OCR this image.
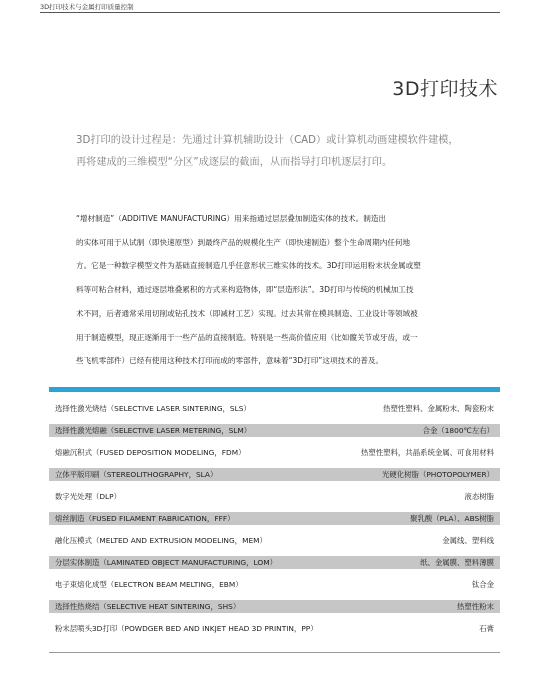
3D打印技术与金属打印质量控制
3D打印技术

3D打印的设计过程是：先通过计算机辅助设计（CAD）或计算机动画建模软件建模，

再将建成的三维模型“分区”成逐层的截面，从而指导打印机逐层打印。

“增材制造”（ADDITIVE MANUFACTURING）用来指通过层层叠加制造实体的技术。制造出

的实体可用于从试制（即快速原型）到最终产品的规模化生产（即快速制造）整个生命周期内任何地

方。它是一种数字模型文件为基础直接制造几乎任意形状三维实体的技术。3D打印运用粉末状金属或塑

料等可粘合材料，通过逐层堆叠累积的方式来构造物体，即“层造形法”。3D打印与传统的机械加工技

术不同，后者通常采用切削或钻孔技术（即减材工艺）实现。过去其常在模具制造、工业设计等领域被

用于制造模型，现正逐渐用于一些产品的直接制造。特别是一些高价值应用（比如髋关节或牙齿，或一

些飞机零部件）已经有使用这种技术打印而成的零部件，意味着“3D打印”这项技术的普及。

选择性激光烧结（SELECTIVE LASER SINTERING，SLS）	热塑性塑料、金属粉末、陶瓷粉末
选择性激光熔融（SELECTIVE LASER METERING，SLM）	合金（1800℃左右）
熔融沉积式（FUSED DEPOSITION MODELING，FDM）	热塑性塑料，共晶系统金属、可食用材料
立体平版印刷（STEREOLITHOGRAPHY，SLA）	光硬化树脂（PHOTOPOLYMER）
数字光处理（DLP）	液态树脂
熔丝制造（FUSED FILAMENT FABRICATION，FFF）	聚乳酸（PLA）、ABS树脂
融化压模式（MELTED AND EXTRUSION MODELING，MEM）	金属线、塑料线
分层实体制造（LAMINATED OBJECT MANUFACTURING，LOM）	纸、金属膜、塑料薄膜
电子束熔化成型（ELECTRON BEAM MELTING，EBM）	钛合金
选择性热烧结（SELECTIVE HEAT SINTERING，SHS）	热塑性粉末
粉末层喷头3D打印（POWDGER BED AND INKJET HEAD 3D PRINTIN，PP）	石膏
